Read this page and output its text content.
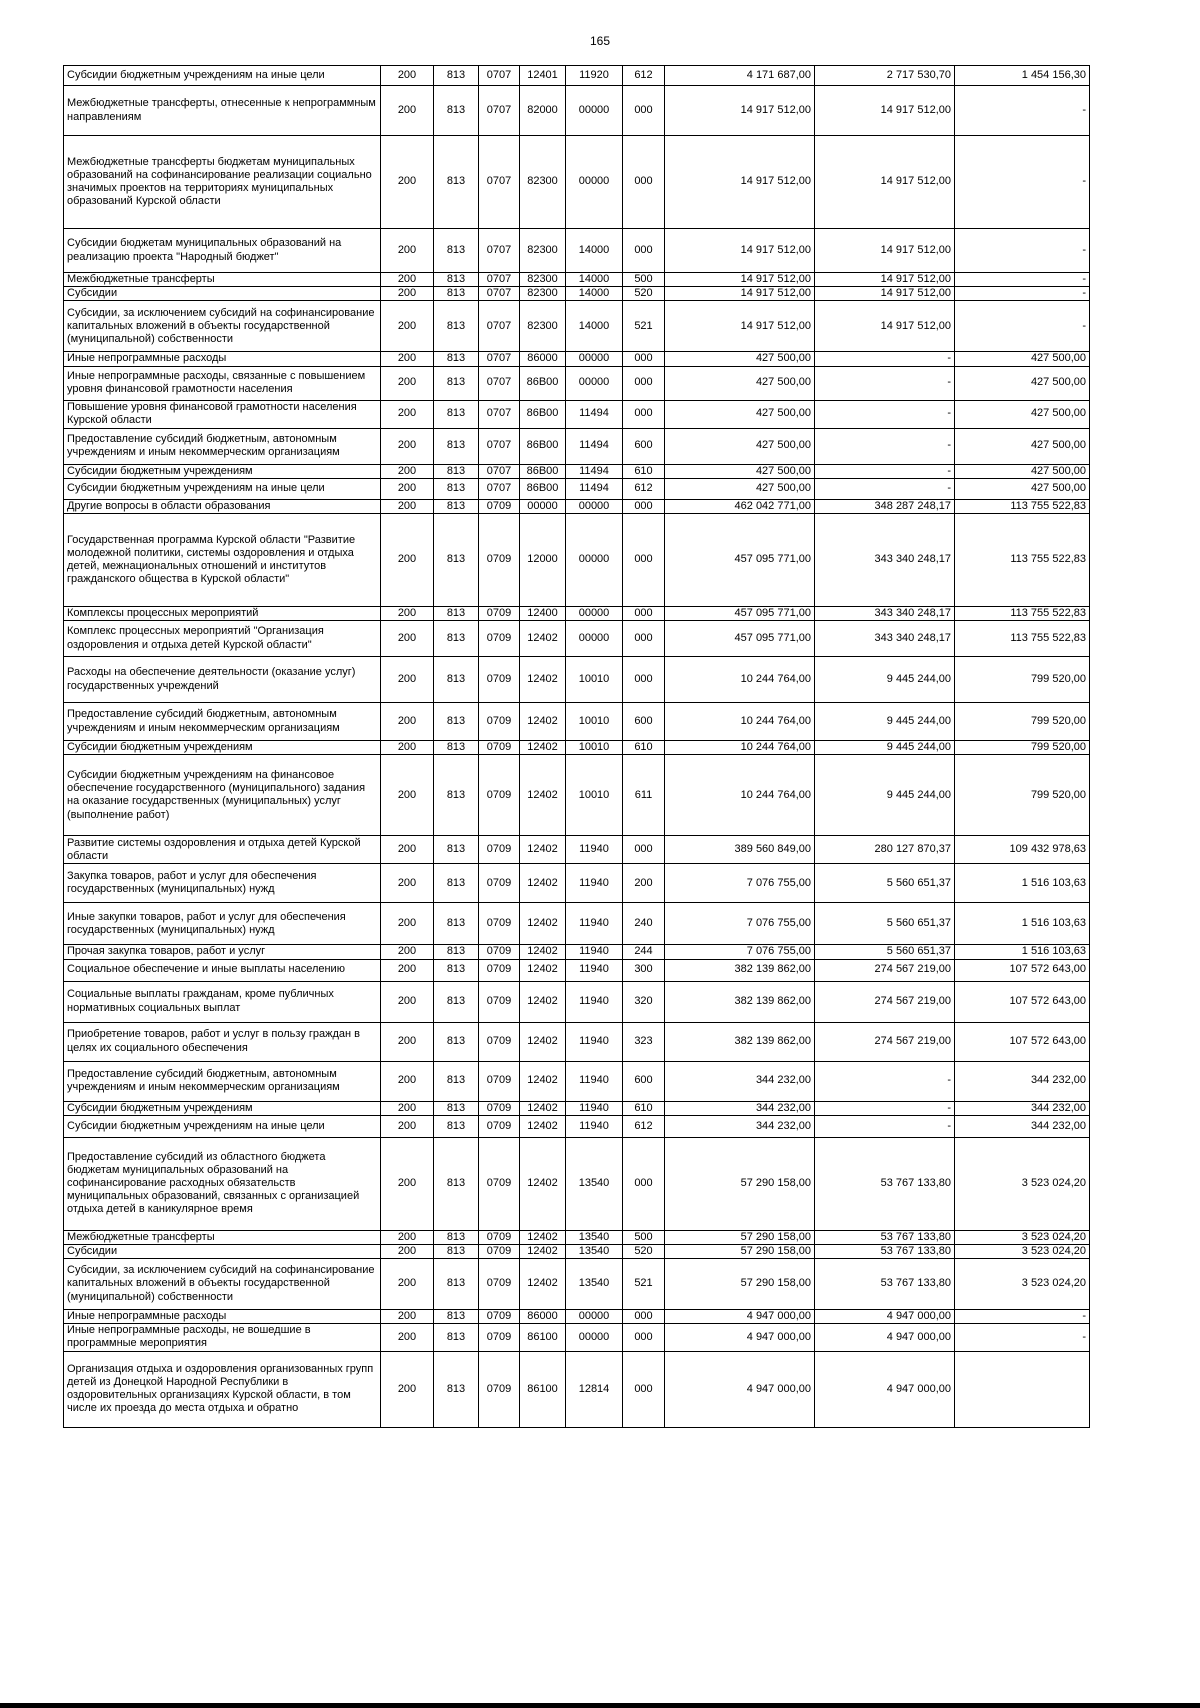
165
Субсидии бюджетным учреждениям на иные цели	200	813	0707	12401	11920	612	4 171 687,00	2 717 530,70	1 454 156,30
Межбюджетные трансферты, отнесенные к непрограммным направлениям	200	813	0707	82000	00000	000	14 917 512,00	14 917 512,00	-
Межбюджетные трансферты бюджетам муниципальных образований на софинансирование реализации социально значимых проектов на территориях муниципальных образований Курской области	200	813	0707	82300	00000	000	14 917 512,00	14 917 512,00	-
Субсидии бюджетам муниципальных образований на реализацию проекта "Народный бюджет"	200	813	0707	82300	14000	000	14 917 512,00	14 917 512,00	-
Межбюджетные трансферты	200	813	0707	82300	14000	500	14 917 512,00	14 917 512,00	-
Субсидии	200	813	0707	82300	14000	520	14 917 512,00	14 917 512,00	-
Субсидии, за исключением субсидий на софинансирование капитальных вложений в объекты государственной (муниципальной) собственности	200	813	0707	82300	14000	521	14 917 512,00	14 917 512,00	-
Иные непрограммные расходы	200	813	0707	86000	00000	000	427 500,00	-	427 500,00
Иные непрограммные расходы, связанные с повышением уровня финансовой грамотности населения	200	813	0707	86В00	00000	000	427 500,00	-	427 500,00
Повышение уровня финансовой грамотности населения Курской области	200	813	0707	86В00	11494	000	427 500,00	-	427 500,00
Предоставление субсидий бюджетным, автономным учреждениям и иным некоммерческим организациям	200	813	0707	86В00	11494	600	427 500,00	-	427 500,00
Субсидии бюджетным учреждениям	200	813	0707	86В00	11494	610	427 500,00	-	427 500,00
Субсидии бюджетным учреждениям на иные цели	200	813	0707	86В00	11494	612	427 500,00	-	427 500,00
Другие вопросы в области образования	200	813	0709	00000	00000	000	462 042 771,00	348 287 248,17	113 755 522,83
Государственная программа Курской области "Развитие молодежной политики, системы оздоровления и отдыха детей, межнациональных отношений и институтов гражданского общества в Курской области"	200	813	0709	12000	00000	000	457 095 771,00	343 340 248,17	113 755 522,83
Комплексы процессных мероприятий	200	813	0709	12400	00000	000	457 095 771,00	343 340 248,17	113 755 522,83
Комплекс процессных мероприятий "Организация оздоровления и отдыха детей Курской области"	200	813	0709	12402	00000	000	457 095 771,00	343 340 248,17	113 755 522,83
Расходы на обеспечение деятельности (оказание услуг) государственных учреждений	200	813	0709	12402	10010	000	10 244 764,00	9 445 244,00	799 520,00
Предоставление субсидий бюджетным, автономным учреждениям и иным некоммерческим организациям	200	813	0709	12402	10010	600	10 244 764,00	9 445 244,00	799 520,00
Субсидии бюджетным учреждениям	200	813	0709	12402	10010	610	10 244 764,00	9 445 244,00	799 520,00
Субсидии бюджетным учреждениям на финансовое обеспечение государственного (муниципального) задания на оказание государственных (муниципальных) услуг (выполнение работ)	200	813	0709	12402	10010	611	10 244 764,00	9 445 244,00	799 520,00
Развитие системы оздоровления и отдыха детей Курской области	200	813	0709	12402	11940	000	389 560 849,00	280 127 870,37	109 432 978,63
Закупка товаров, работ и услуг для обеспечения государственных (муниципальных) нужд	200	813	0709	12402	11940	200	7 076 755,00	5 560 651,37	1 516 103,63
Иные закупки товаров, работ и услуг для обеспечения государственных (муниципальных) нужд	200	813	0709	12402	11940	240	7 076 755,00	5 560 651,37	1 516 103,63
Прочая закупка товаров, работ и услуг	200	813	0709	12402	11940	244	7 076 755,00	5 560 651,37	1 516 103,63
Социальное обеспечение и иные выплаты населению	200	813	0709	12402	11940	300	382 139 862,00	274 567 219,00	107 572 643,00
Социальные выплаты гражданам, кроме публичных нормативных социальных выплат	200	813	0709	12402	11940	320	382 139 862,00	274 567 219,00	107 572 643,00
Приобретение товаров, работ и услуг в пользу граждан в целях их социального обеспечения	200	813	0709	12402	11940	323	382 139 862,00	274 567 219,00	107 572 643,00
Предоставление субсидий бюджетным, автономным учреждениям и иным некоммерческим организациям	200	813	0709	12402	11940	600	344 232,00	-	344 232,00
Субсидии бюджетным учреждениям	200	813	0709	12402	11940	610	344 232,00	-	344 232,00
Субсидии бюджетным учреждениям на иные цели	200	813	0709	12402	11940	612	344 232,00	-	344 232,00
Предоставление субсидий из областного бюджета бюджетам муниципальных образований на софинансирование расходных обязательств муниципальных образований, связанных с организацией отдыха детей в каникулярное время	200	813	0709	12402	13540	000	57 290 158,00	53 767 133,80	3 523 024,20
Межбюджетные трансферты	200	813	0709	12402	13540	500	57 290 158,00	53 767 133,80	3 523 024,20
Субсидии	200	813	0709	12402	13540	520	57 290 158,00	53 767 133,80	3 523 024,20
Субсидии, за исключением субсидий на софинансирование капитальных вложений в объекты государственной (муниципальной) собственности	200	813	0709	12402	13540	521	57 290 158,00	53 767 133,80	3 523 024,20
Иные непрограммные расходы	200	813	0709	86000	00000	000	4 947 000,00	4 947 000,00	-
Иные непрограммные расходы, не вошедшие в программные мероприятия	200	813	0709	86100	00000	000	4 947 000,00	4 947 000,00	-
Организация отдыха и оздоровления организованных групп детей из Донецкой Народной Республики в оздоровительных организациях Курской области, в том числе их проезда до места отдыха и обратно	200	813	0709	86100	12814	000	4 947 000,00	4 947 000,00	
